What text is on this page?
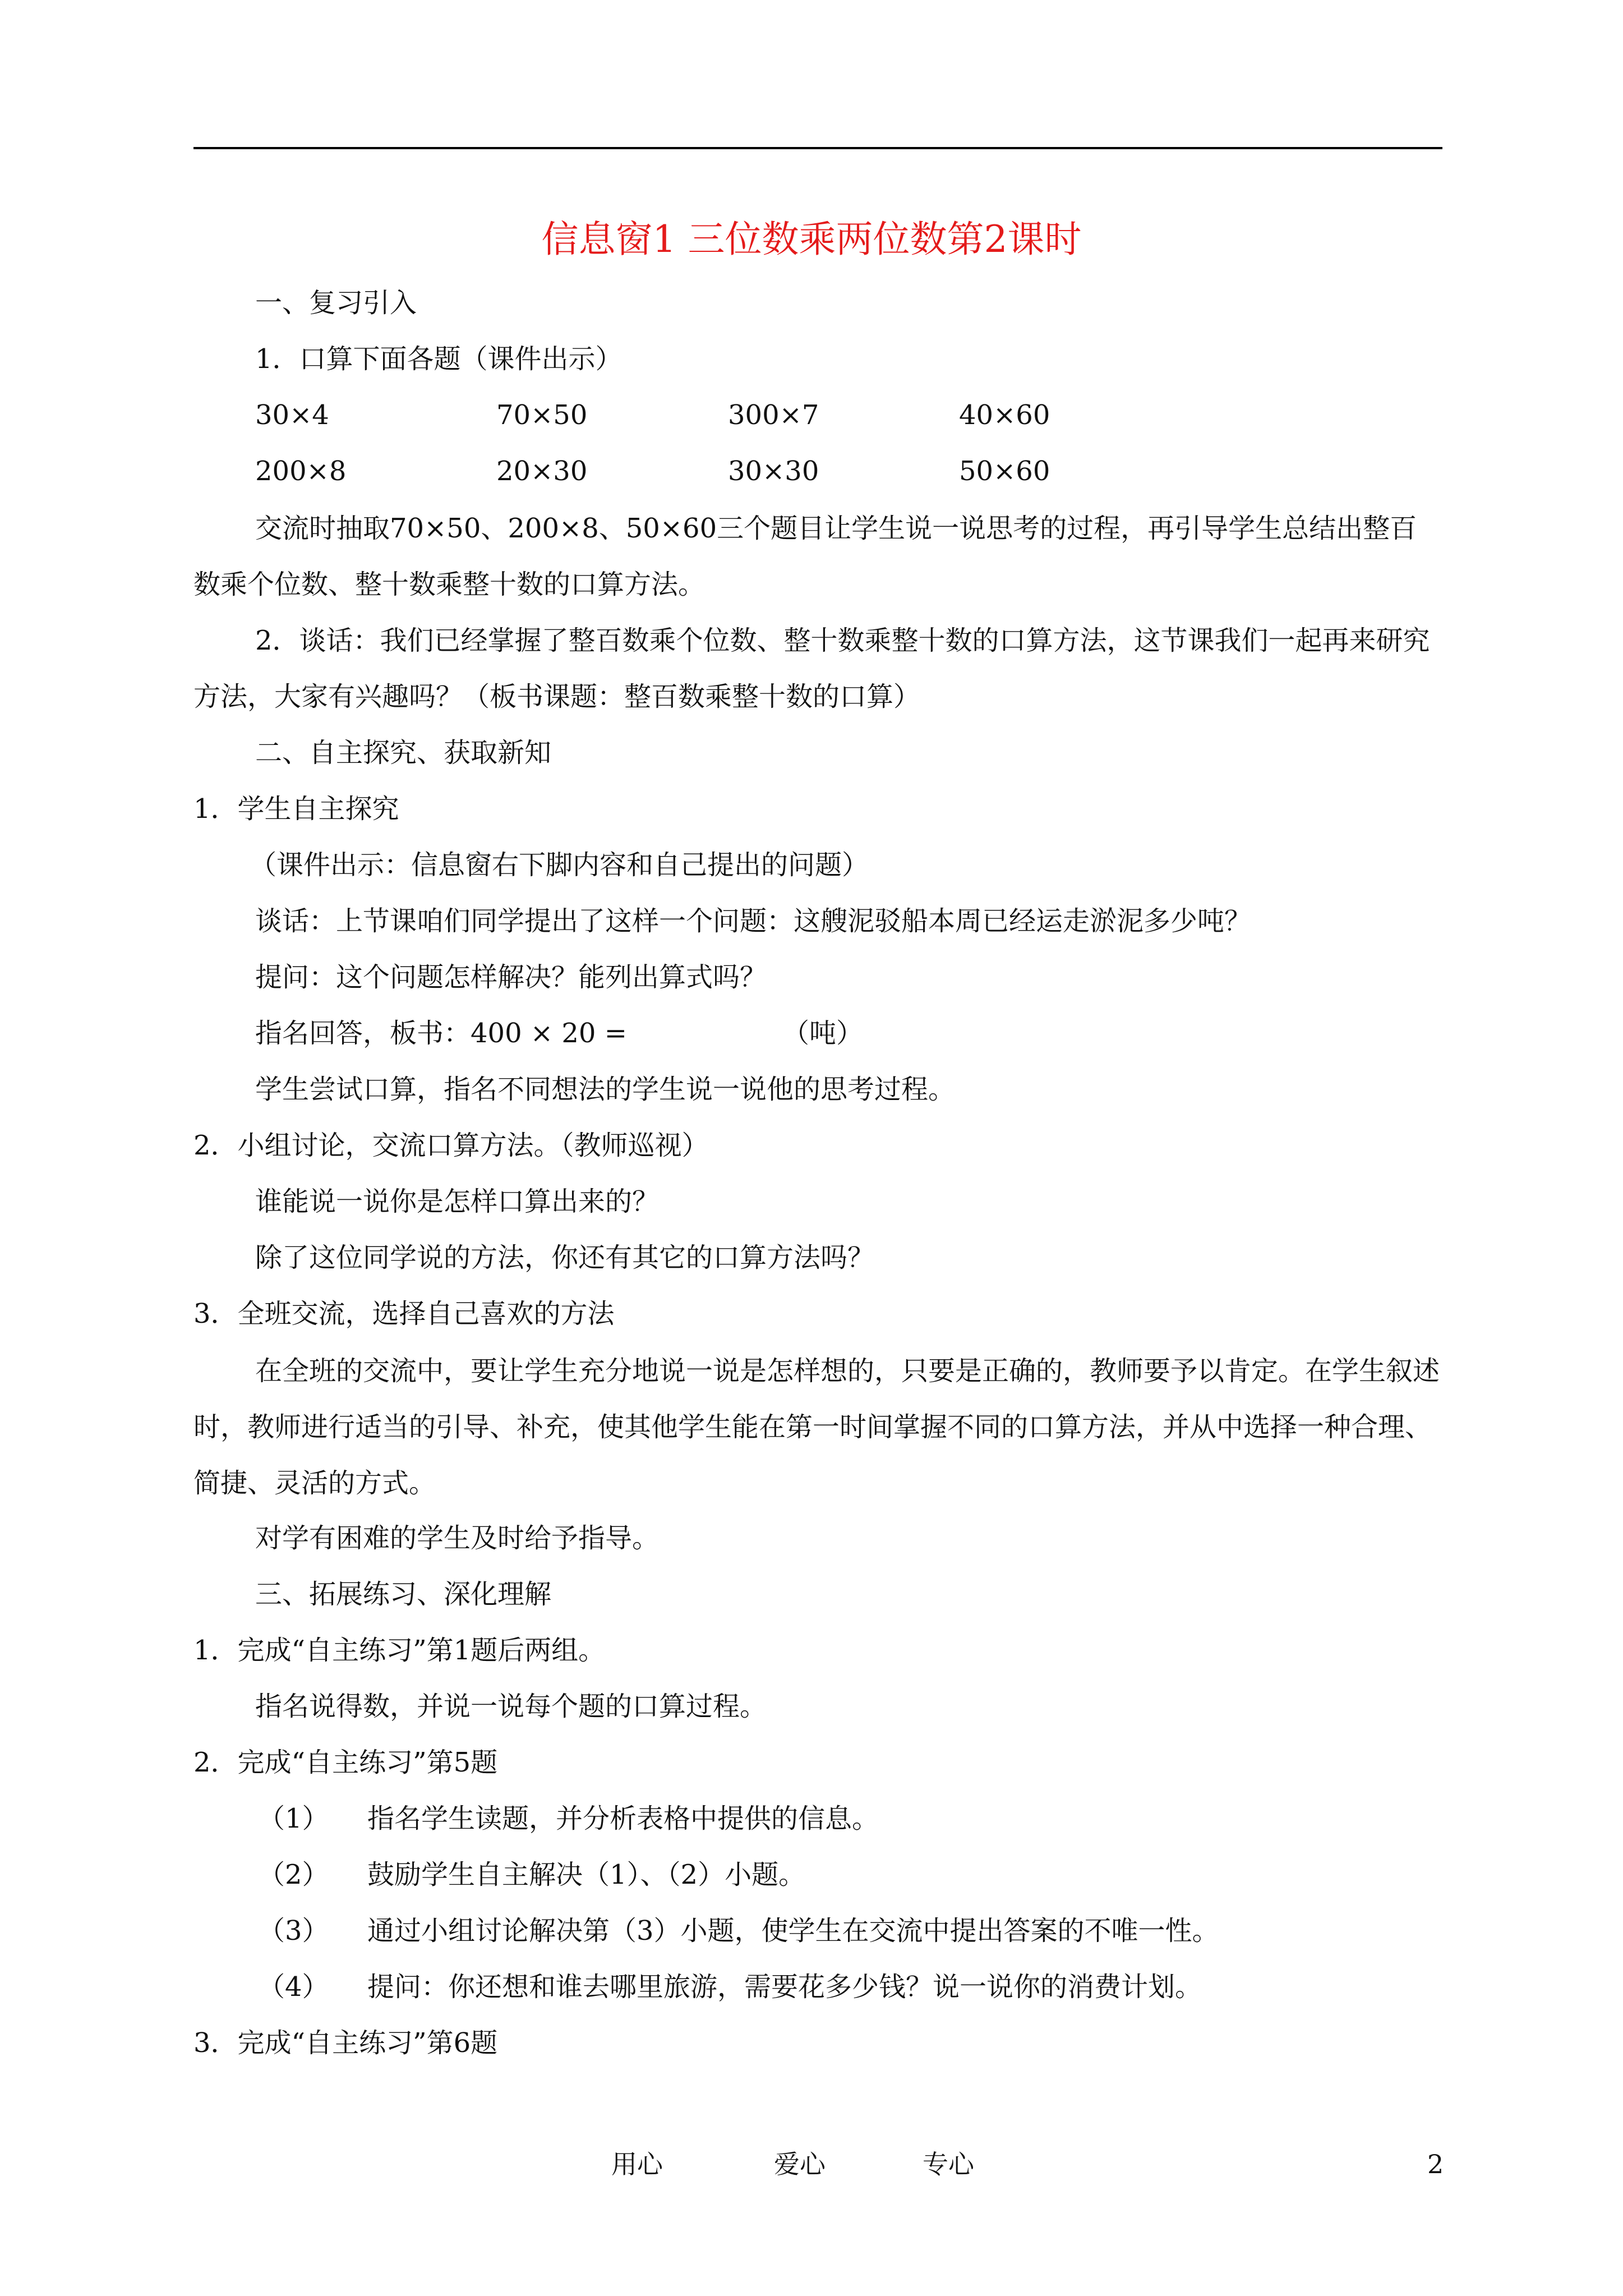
信息窗1 三位数乘两位数第2课时
一、复习引入
1．口算下面各题（课件出示）
30×4	70×50	300×7	40×60
200×8	20×30	30×30	50×60
交流时抽取70×50、200×8、50×60三个题目让学生说一说思考的过程，再引导学生总结出整百数乘个位数、整十数乘整十数的口算方法。
2．谈话：我们已经掌握了整百数乘个位数、整十数乘整十数的口算方法，这节课我们一起再来研究方法，大家有兴趣吗？（板书课题：整百数乘整十数的口算）
二、自主探究、获取新知
1．学生自主探究
（课件出示：信息窗右下脚内容和自己提出的问题）
谈话：上节课咱们同学提出了这样一个问题：这艘泥驳船本周已经运走淤泥多少吨？
提问：这个问题怎样解决？能列出算式吗？
指名回答，板书：400 × 20 =	（吨）
学生尝试口算，指名不同想法的学生说一说他的思考过程。
2．小组讨论，交流口算方法。（教师巡视）
谁能说一说你是怎样口算出来的？
除了这位同学说的方法，你还有其它的口算方法吗？
3．全班交流，选择自己喜欢的方法
在全班的交流中，要让学生充分地说一说是怎样想的，只要是正确的，教师要予以肯定。在学生叙述时，教师进行适当的引导、补充，使其他学生能在第一时间掌握不同的口算方法，并从中选择一种合理、简捷、灵活的方式。
对学有困难的学生及时给予指导。
三、拓展练习、深化理解
1．完成“自主练习”第1题后两组。
指名说得数，并说一说每个题的口算过程。
2．完成“自主练习”第5题
（1） 指名学生读题，并分析表格中提供的信息。
（2） 鼓励学生自主解决（1）、（2）小题。
（3） 通过小组讨论解决第（3）小题，使学生在交流中提出答案的不唯一性。
（4） 提问：你还想和谁去哪里旅游，需要花多少钱？说一说你的消费计划。
3．完成“自主练习”第6题
用心	爱心	专心	2
